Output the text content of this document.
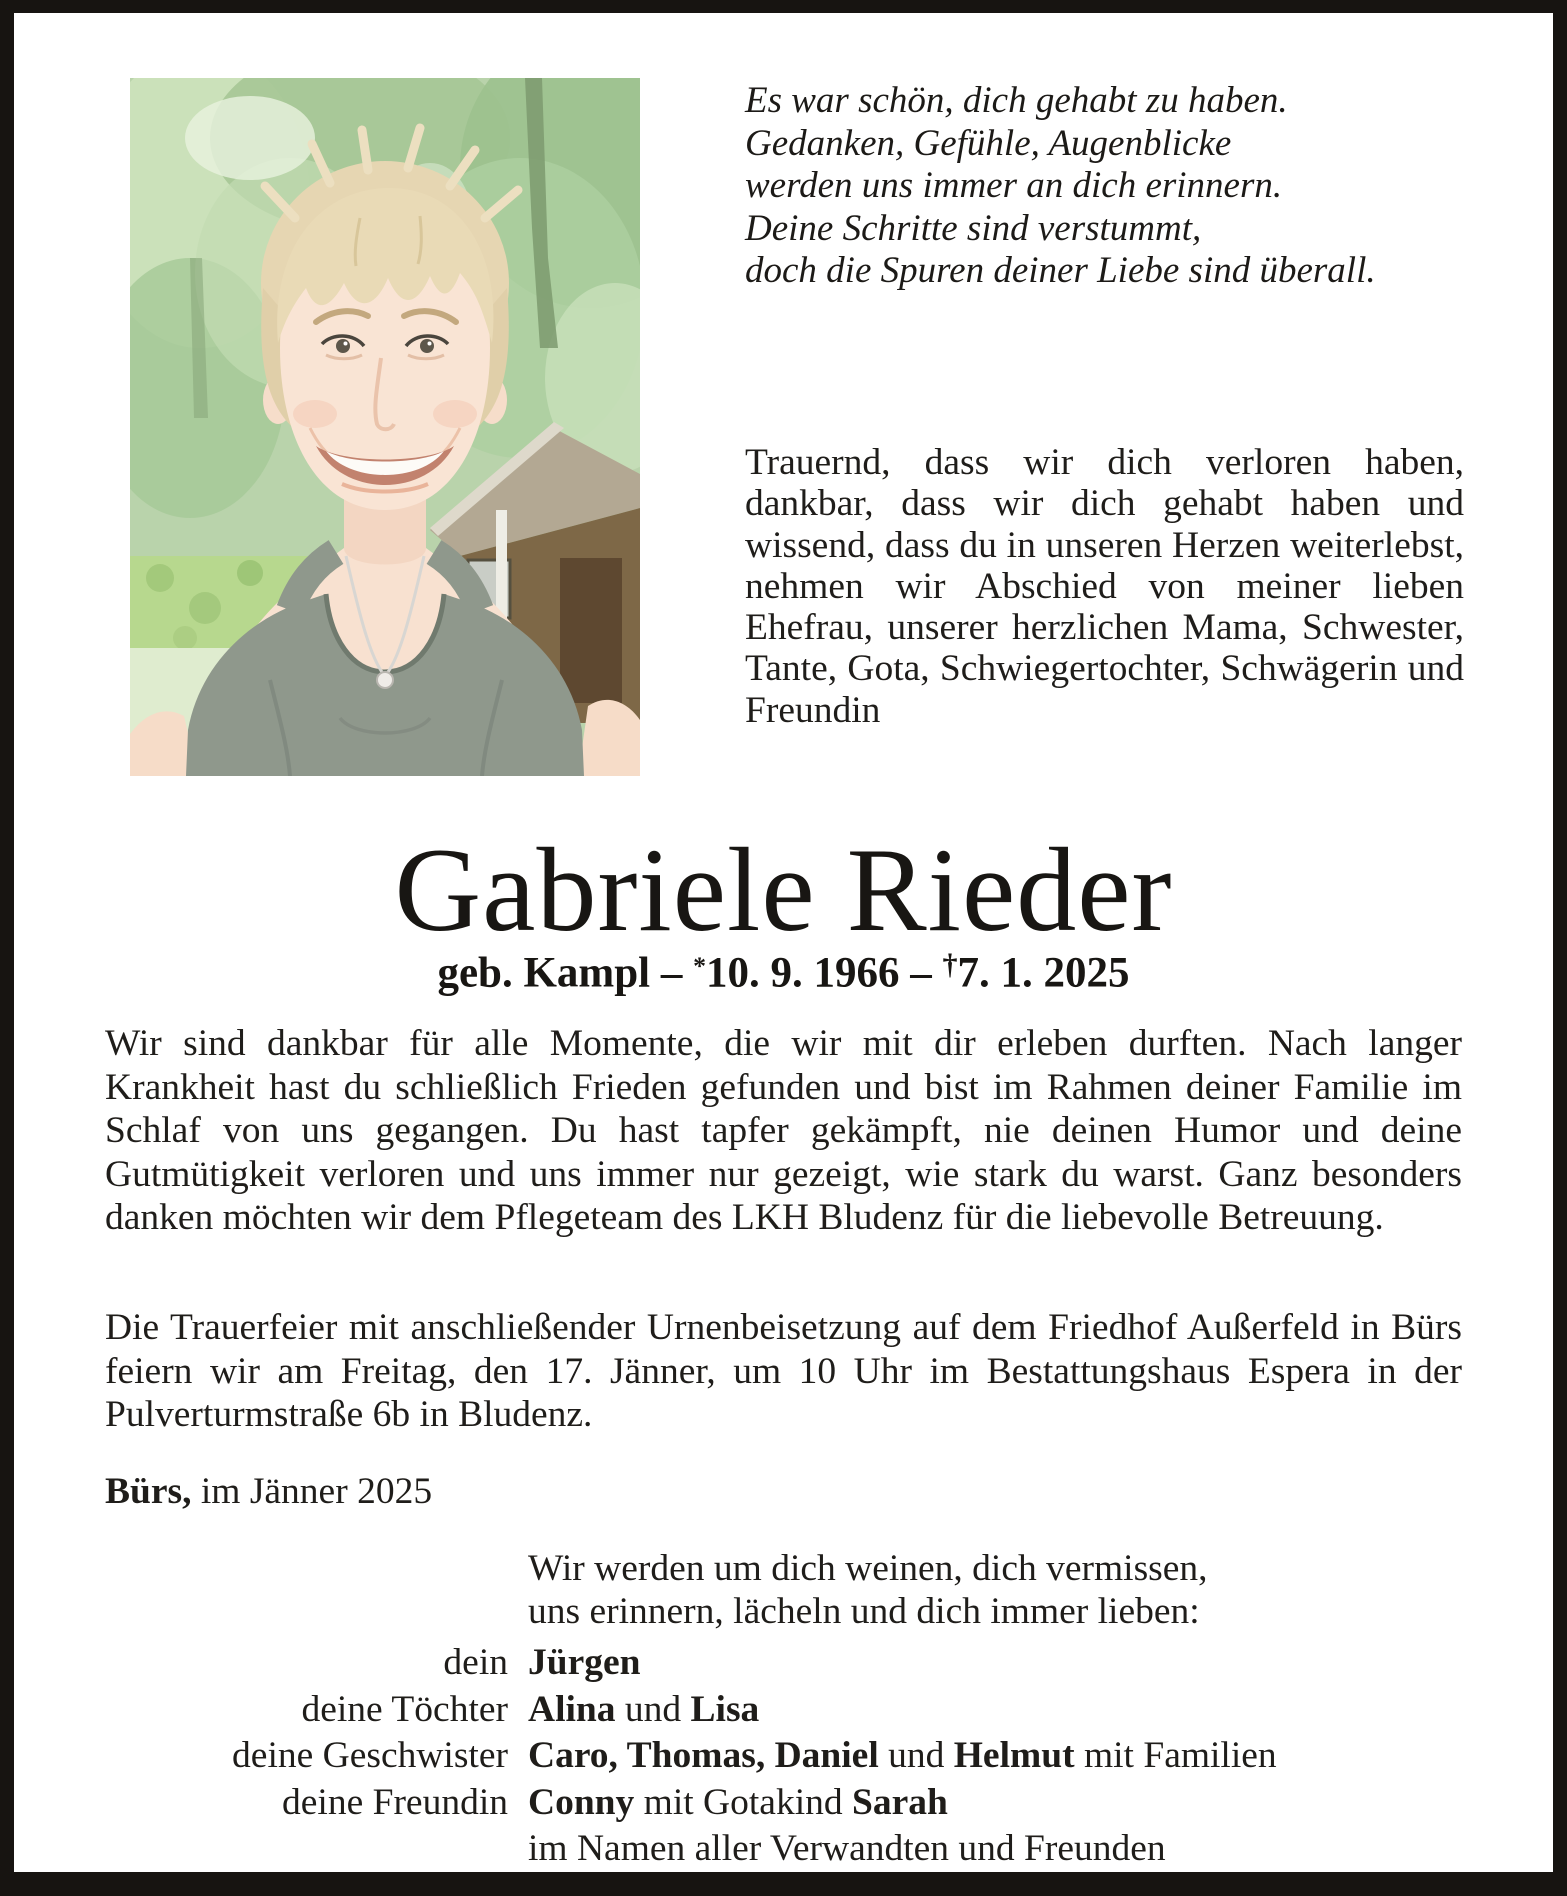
Es war schön, dich gehabt zu haben.
Gedanken, Gefühle, Augenblicke
werden uns immer an dich erinnern.
Deine Schritte sind verstummt,
doch die Spuren deiner Liebe sind überall.
Trauernd, dass wir dich verloren haben, dankbar, dass wir dich gehabt haben und wissend, dass du in unseren Herzen weiterlebst, nehmen wir Abschied von meiner lieben Ehefrau, unserer herzlichen Mama, Schwester, Tante, Gota, Schwiegertochter, Schwägerin und Freundin
Gabriele Rieder
geb. Kampl – *10. 9. 1966 – †7. 1. 2025
Wir sind dankbar für alle Momente, die wir mit dir erleben durften. Nach langer Krankheit hast du schließlich Frieden gefunden und bist im Rahmen deiner Familie im Schlaf von uns gegangen. Du hast tapfer gekämpft, nie deinen Humor und deine Gutmütigkeit verloren und uns immer nur gezeigt, wie stark du warst. Ganz besonders danken möchten wir dem Pflegeteam des LKH Bludenz für die liebevolle Betreuung.
Die Trauerfeier mit anschließender Urnenbeisetzung auf dem Friedhof Außerfeld in Bürs feiern wir am Freitag, den 17. Jänner, um 10 Uhr im Bestattungshaus Espera in der Pulverturmstraße 6b in Bludenz.
Bürs, im Jänner 2025
Wir werden um dich weinen, dich vermissen,
uns erinnern, lächeln und dich immer lieben:
dein Jürgen
deine Töchter Alina und Lisa
deine Geschwister Caro, Thomas, Daniel und Helmut mit Familien
deine Freundin Conny mit Gotakind Sarah
im Namen aller Verwandten und Freunden
